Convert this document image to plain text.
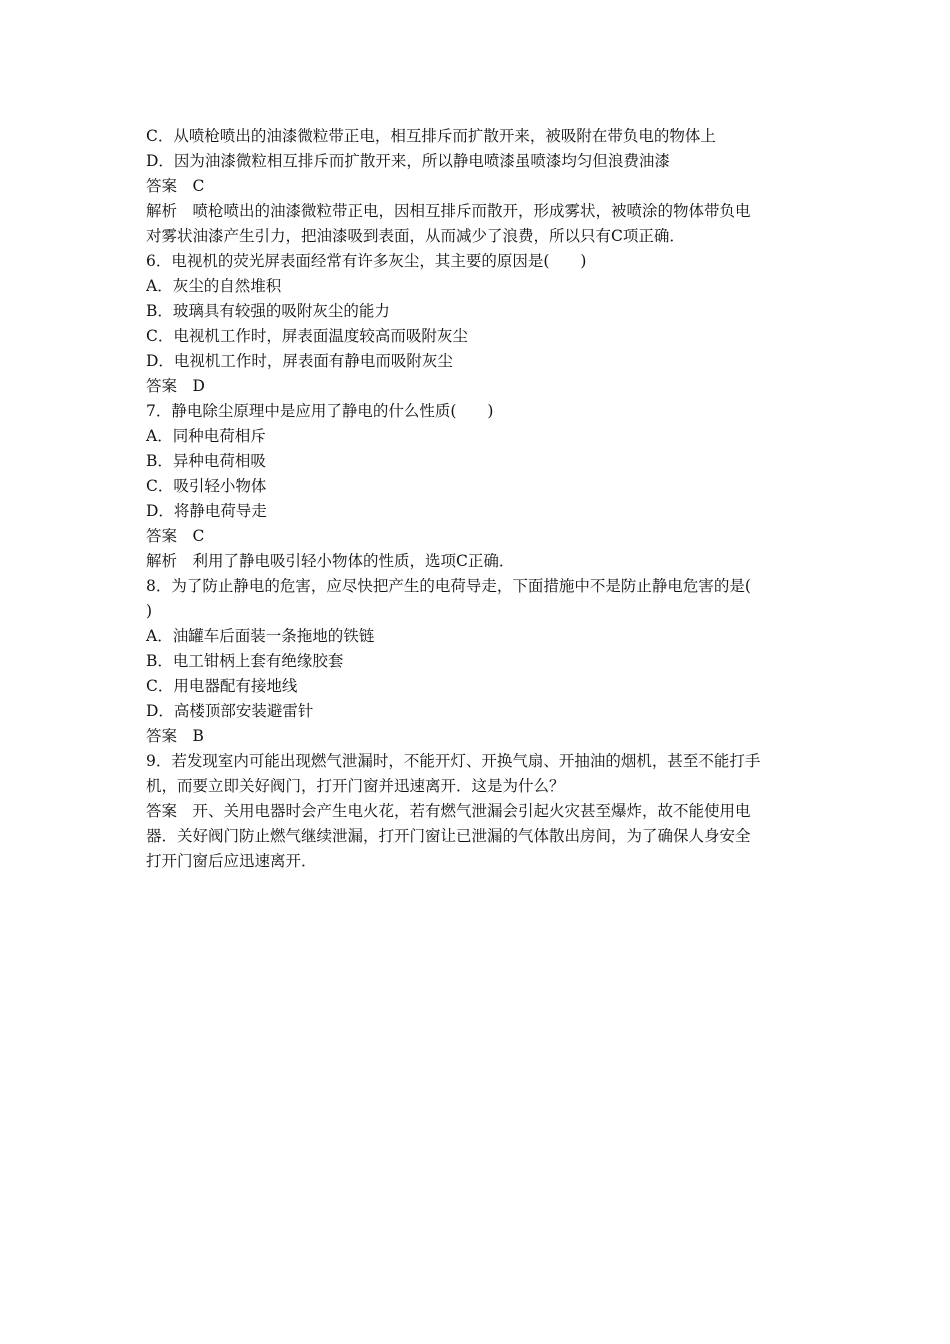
C．从喷枪喷出的油漆微粒带正电，相互排斥而扩散开来，被吸附在带负电的物体上
D．因为油漆微粒相互排斥而扩散开来，所以静电喷漆虽喷漆均匀但浪费油漆
答案　C
解析　喷枪喷出的油漆微粒带正电，因相互排斥而散开，形成雾状，被喷涂的物体带负电
对雾状油漆产生引力，把油漆吸到表面，从而减少了浪费，所以只有C项正确．
6．电视机的荧光屏表面经常有许多灰尘，其主要的原因是(　　)
A．灰尘的自然堆积
B．玻璃具有较强的吸附灰尘的能力
C．电视机工作时，屏表面温度较高而吸附灰尘
D．电视机工作时，屏表面有静电而吸附灰尘
答案　D
7．静电除尘原理中是应用了静电的什么性质(　　)
A．同种电荷相斥
B．异种电荷相吸
C．吸引轻小物体
D．将静电荷导走
答案　C
解析　利用了静电吸引轻小物体的性质，选项C正确．
8．为了防止静电的危害，应尽快把产生的电荷导走，下面措施中不是防止静电危害的是(
)
A．油罐车后面装一条拖地的铁链
B．电工钳柄上套有绝缘胶套
C．用电器配有接地线
D．高楼顶部安装避雷针
答案　B
9．若发现室内可能出现燃气泄漏时，不能开灯、开换气扇、开抽油的烟机，甚至不能打手
机，而要立即关好阀门，打开门窗并迅速离开．这是为什么？
答案　开、关用电器时会产生电火花，若有燃气泄漏会引起火灾甚至爆炸，故不能使用电
器．关好阀门防止燃气继续泄漏，打开门窗让已泄漏的气体散出房间，为了确保人身安全
打开门窗后应迅速离开．
